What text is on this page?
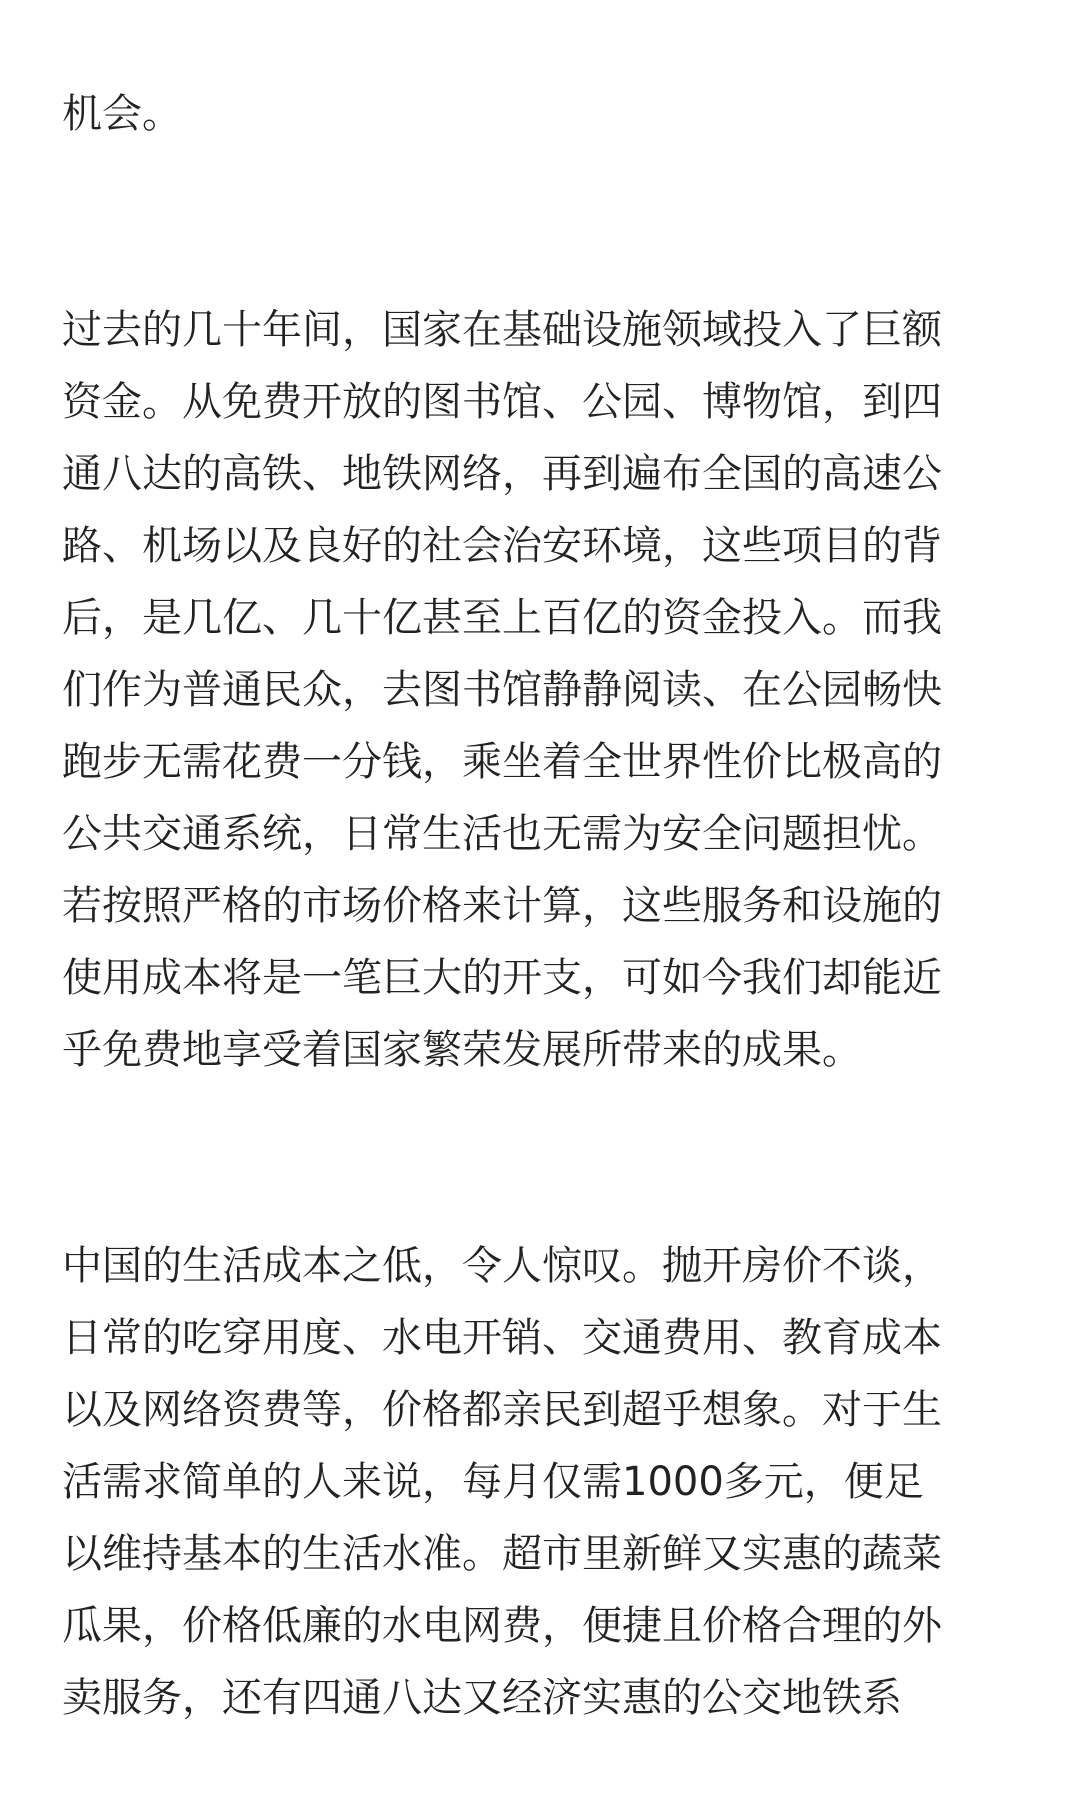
机会。

过去的几十年间，国家在基础设施领域投入了巨额
资金。从免费开放的图书馆、公园、博物馆，到四
通八达的高铁、地铁网络，再到遍布全国的高速公
路、机场以及良好的社会治安环境，这些项目的背
后，是几亿、几十亿甚至上百亿的资金投入。而我
们作为普通民众，去图书馆静静阅读、在公园畅快
跑步无需花费一分钱，乘坐着全世界性价比极高的
公共交通系统，日常生活也无需为安全问题担忧。
若按照严格的市场价格来计算，这些服务和设施的
使用成本将是一笔巨大的开支，可如今我们却能近
乎免费地享受着国家繁荣发展所带来的成果。

中国的生活成本之低，令人惊叹。抛开房价不谈，
日常的吃穿用度、水电开销、交通费用、教育成本
以及网络资费等，价格都亲民到超乎想象。对于生
活需求简单的人来说，每月仅需1000多元，便足
以维持基本的生活水准。超市里新鲜又实惠的蔬菜
瓜果，价格低廉的水电网费，便捷且价格合理的外
卖服务，还有四通八达又经济实惠的公交地铁系
